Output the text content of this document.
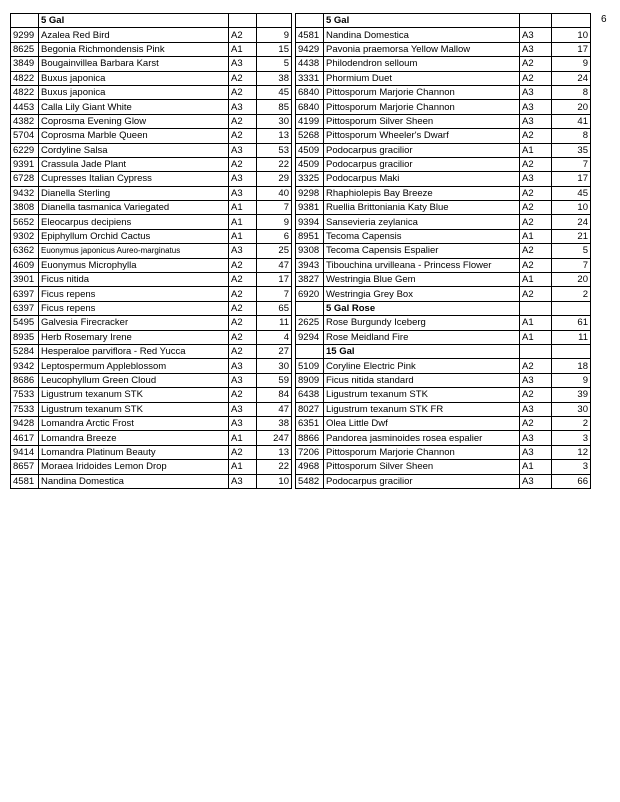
6
	5 Gal					5 Gal		
9299	Azalea Red Bird	A2	9		4581	Nandina Domestica	A3	10
8625	Begonia Richmondensis Pink	A1	15		9429	Pavonia praemorsa Yellow Mallow	A3	17
3849	Bougainvillea Barbara Karst	A3	5		4438	Philodendron selloum	A2	9
4822	Buxus japonica	A2	38		3331	Phormium Duet	A2	24
4822	Buxus japonica	A2	45		6840	Pittosporum Marjorie Channon	A3	8
4453	Calla Lily Giant White	A3	85		6840	Pittosporum Marjorie Channon	A3	20
4382	Coprosma Evening Glow	A2	30		4199	Pittosporum Silver Sheen	A3	41
5704	Coprosma Marble Queen	A2	13		5268	Pittosporum Wheeler's Dwarf	A2	8
6229	Cordyline Salsa	A3	53		4509	Podocarpus gracilior	A1	35
9391	Crassula Jade Plant	A2	22		4509	Podocarpus gracilior	A2	7
6728	Cupresses Italian Cypress	A3	29		3325	Podocarpus Maki	A3	17
9432	Dianella Sterling	A3	40		9298	Rhaphiolepis Bay Breeze	A2	45
3808	Dianella tasmanica Variegated	A1	7		9381	Ruellia Brittoniania Katy Blue	A2	10
5652	Eleocarpus decipiens	A1	9		9394	Sansevieria zeylanica	A2	24
9302	Epiphyllum Orchid Cactus	A1	6		8951	Tecoma Capensis	A1	21
6362	Euonymus japonicus Aureo-marginatus	A3	25		9308	Tecoma Capensis Espalier	A2	5
4609	Euonymus Microphylla	A2	47		3943	Tibouchina urvilleana - Princess Flower	A2	7
3901	Ficus nitida	A2	17		3827	Westringia Blue Gem	A1	20
6397	Ficus repens	A2	7		6920	Westringia Grey Box	A2	2
6397	Ficus repens	A2	65			5 Gal Rose		
5495	Galvesia Firecracker	A2	11		2625	Rose Burgundy Iceberg	A1	61
8935	Herb Rosemary Irene	A2	4		9294	Rose Meidland Fire	A1	11
5284	Hesperaloe parviflora - Red Yucca	A2	27			15 Gal		
9342	Leptospermum Appleblossom	A3	30		5109	Coryline Electric Pink	A2	18
8686	Leucophyllum Green Cloud	A3	59		8909	Ficus nitida standard	A3	9
7533	Ligustrum texanum STK	A2	84		6438	Ligustrum texanum STK	A2	39
7533	Ligustrum texanum STK	A3	47		8027	Ligustrum texanum STK FR	A3	30
9428	Lomandra Arctic Frost	A3	38		6351	Olea Little Dwf	A2	2
4617	Lomandra Breeze	A1	247		8866	Pandorea jasminoides rosea espalier	A3	3
9414	Lomandra Platinum Beauty	A2	13		7206	Pittosporum Marjorie Channon	A3	12
8657	Moraea Iridoides Lemon Drop	A1	22		4968	Pittosporum Silver Sheen	A1	3
4581	Nandina Domestica	A3	10		5482	Podocarpus gracilior	A3	66
